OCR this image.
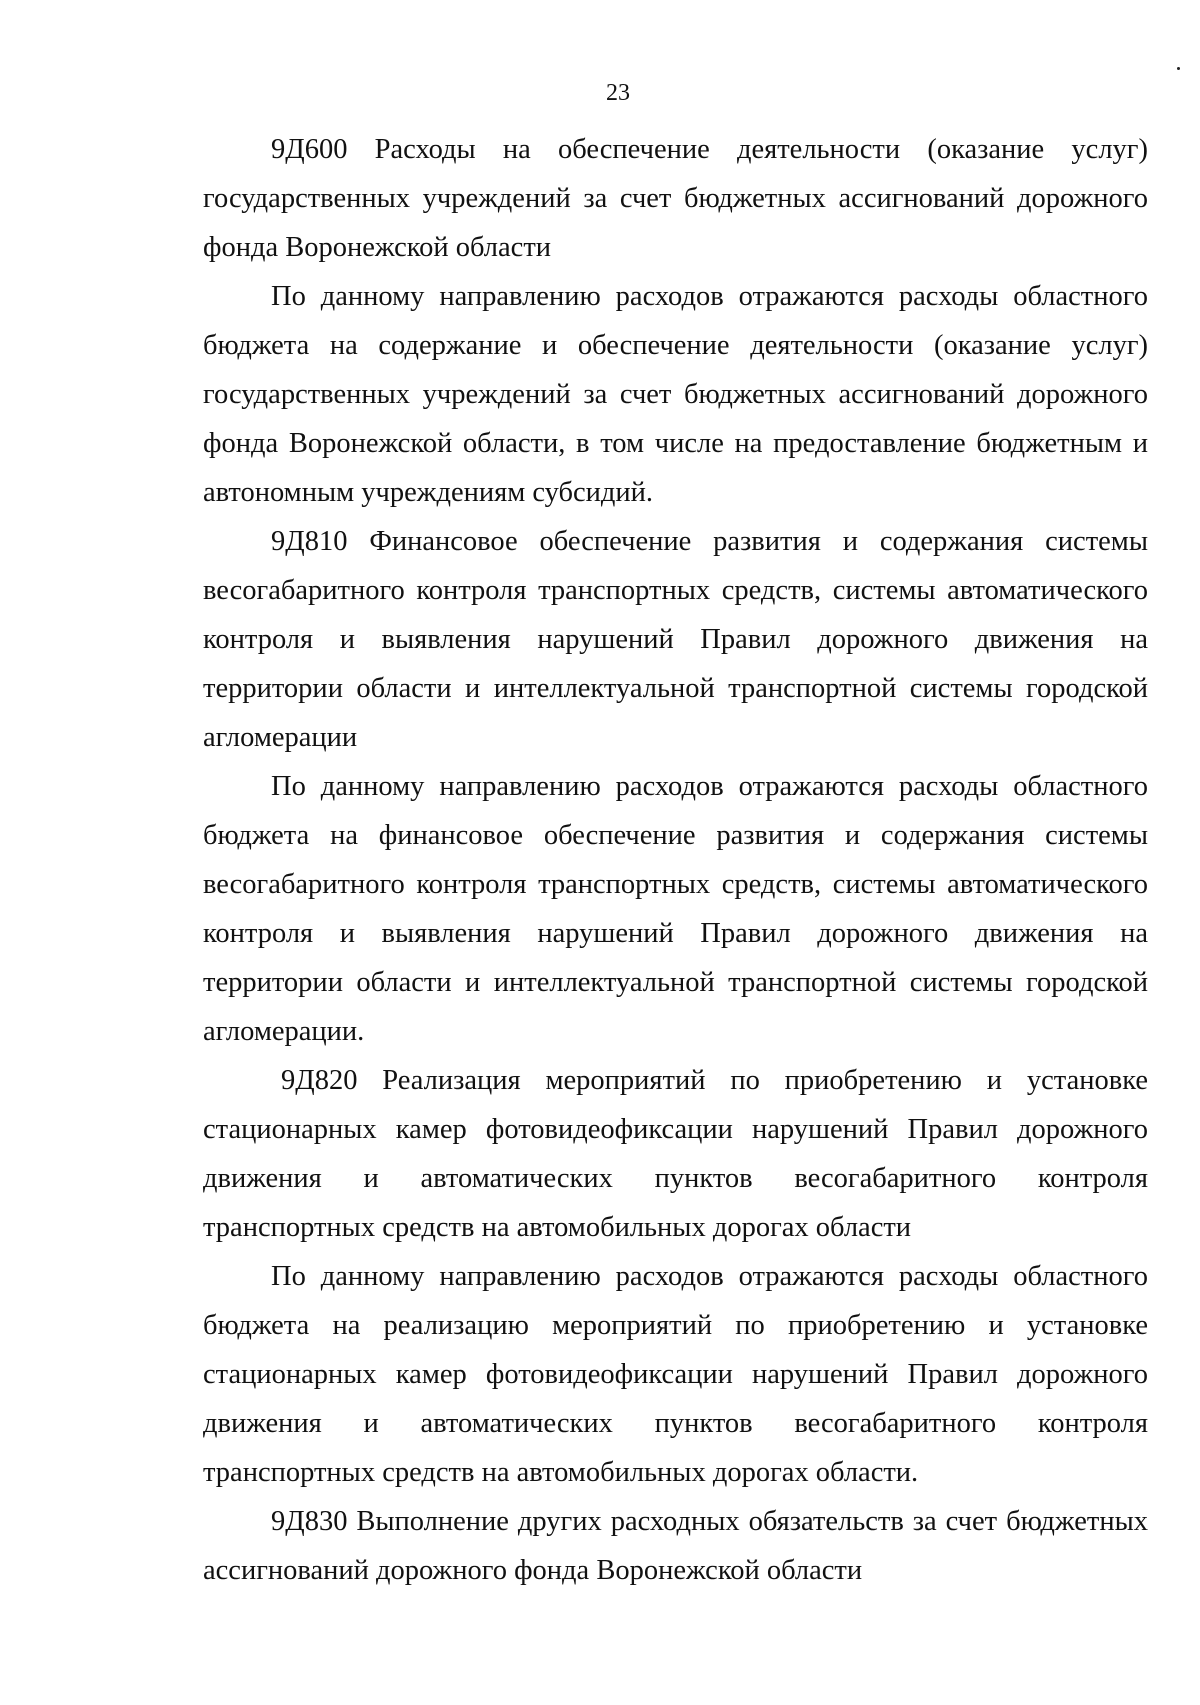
23

9Д600 Расходы на обеспечение деятельности (оказание услуг) государственных учреждений за счет бюджетных ассигнований дорожного фонда Воронежской области

По данному направлению расходов отражаются расходы областного бюджета на содержание и обеспечение деятельности (оказание услуг) государственных учреждений за счет бюджетных ассигнований дорожного фонда Воронежской области, в том числе на предоставление бюджетным и автономным учреждениям субсидий.

9Д810 Финансовое обеспечение развития и содержания системы весогабаритного контроля транспортных средств, системы автоматического контроля и выявления нарушений Правил дорожного движения на территории области и интеллектуальной транспортной системы городской агломерации

По данному направлению расходов отражаются расходы областного бюджета на финансовое обеспечение развития и содержания системы весогабаритного контроля транспортных средств, системы автоматического контроля и выявления нарушений Правил дорожного движения на территории области и интеллектуальной транспортной системы городской агломерации.

9Д820 Реализация мероприятий по приобретению и установке стационарных камер фотовидеофиксации нарушений Правил дорожного движения и автоматических пунктов весогабаритного контроля транспортных средств на автомобильных дорогах области

По данному направлению расходов отражаются расходы областного бюджета на реализацию мероприятий по приобретению и установке стационарных камер фотовидеофиксации нарушений Правил дорожного движения и автоматических пунктов весогабаритного контроля транспортных средств на автомобильных дорогах области.

9Д830 Выполнение других расходных обязательств за счет бюджетных ассигнований дорожного фонда Воронежской области
